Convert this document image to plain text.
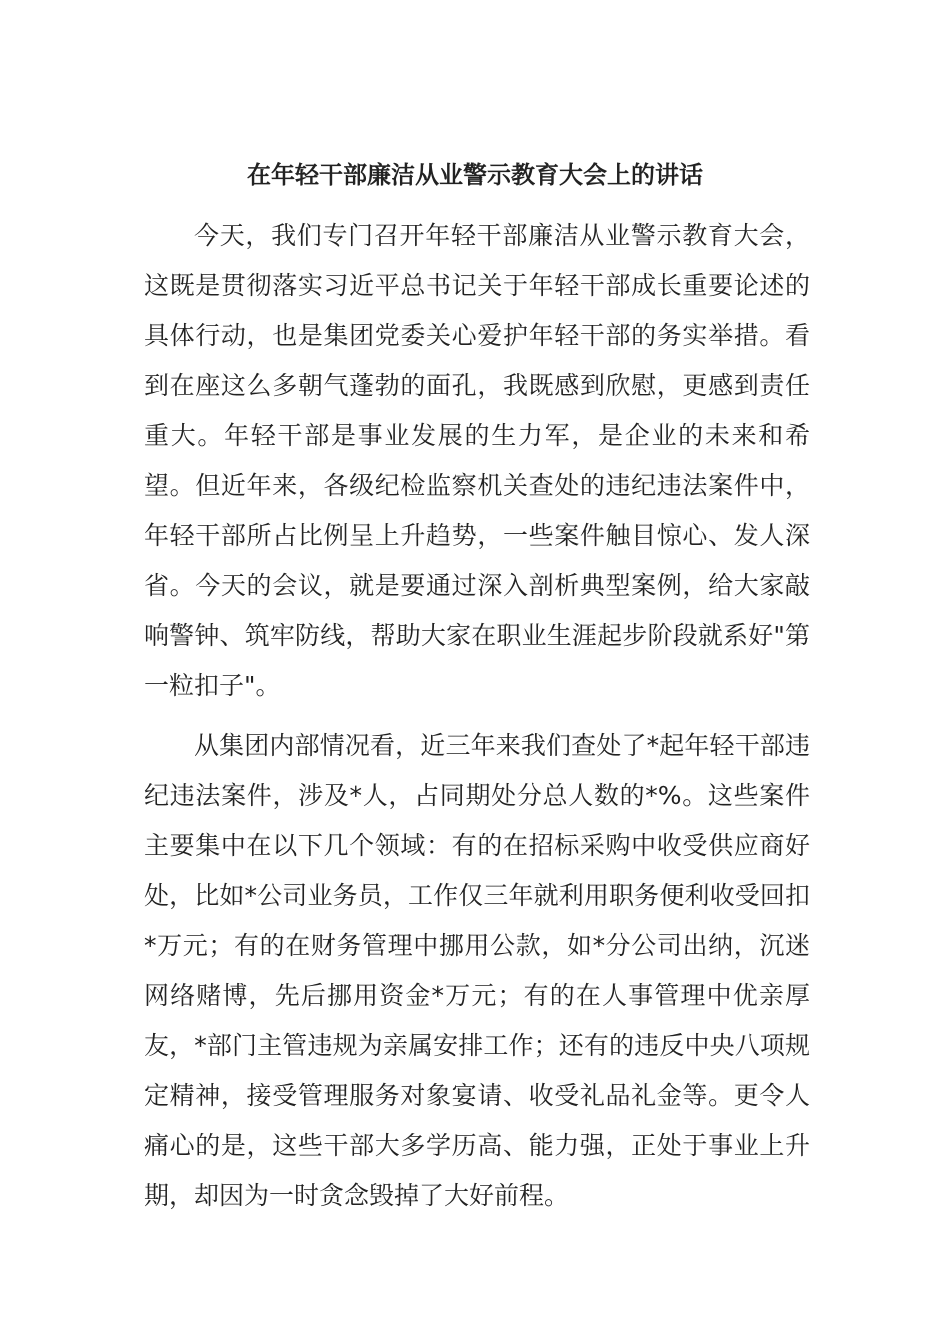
在年轻干部廉洁从业警示教育大会上的讲话

今天，我们专门召开年轻干部廉洁从业警示教育大会，这既是贯彻落实习近平总书记关于年轻干部成长重要论述的具体行动，也是集团党委关心爱护年轻干部的务实举措。看到在座这么多朝气蓬勃的面孔，我既感到欣慰，更感到责任重大。年轻干部是事业发展的生力军，是企业的未来和希望。但近年来，各级纪检监察机关查处的违纪违法案件中，年轻干部所占比例呈上升趋势，一些案件触目惊心、发人深省。今天的会议，就是要通过深入剖析典型案例，给大家敲响警钟、筑牢防线，帮助大家在职业生涯起步阶段就系好"第一粒扣子"。

从集团内部情况看，近三年来我们查处了*起年轻干部违纪违法案件，涉及*人，占同期处分总人数的*%。这些案件主要集中在以下几个领域：有的在招标采购中收受供应商好处，比如*公司业务员，工作仅三年就利用职务便利收受回扣*万元；有的在财务管理中挪用公款，如*分公司出纳，沉迷网络赌博，先后挪用资金*万元；有的在人事管理中优亲厚友，*部门主管违规为亲属安排工作；还有的违反中央八项规定精神，接受管理服务对象宴请、收受礼品礼金等。更令人痛心的是，这些干部大多学历高、能力强，正处于事业上升期，却因为一时贪念毁掉了大好前程。
